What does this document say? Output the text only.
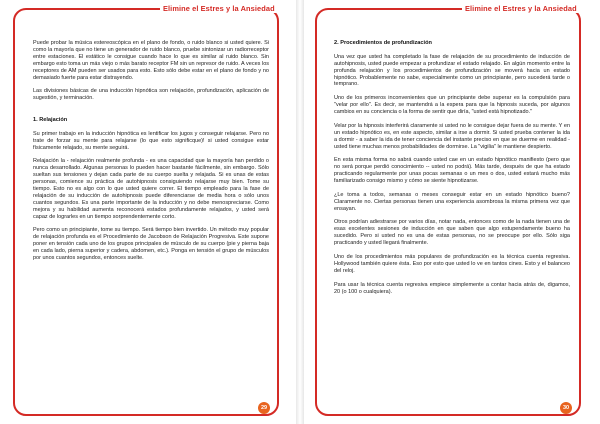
Elimine el Estres y la Ansiedad

Puede probar la música estereoscópica en el plano de fondo, o ruido blanco si usted quiere. Si como la mayoría que no tiene un generador de ruido blanco, pruebe sintonizar un radiorreceptor entre estaciones. El estático le consigue cuando hace lo que es similar al ruido blanco. Sin embargo esto toma un más viejo o más barato receptor FM sin un represor de ruido. A veces los receptores de AM pueden ser usados para esto. Esto sólo debe estar en el plano de fondo y no demasiado fuerte para estar distrayendo.

Las divisiones básicas de una inducción hipnótica son relajación, profundización, aplicación de sugestión, y terminación.

1. Relajación

Su primer trabajo en la inducción hipnótica es lentificar los jugos y conseguir relajarse. Pero no trate de forzar su mente para relajarse (lo que esto significque)! si usted consigue estar físicamente relajado, su mente seguirá.

Relajación la - relajación realmente profunda - es una capacidad que la mayoría han perdido o nunca desarrollado. Algunas personas lo pueden hacer bastante fácilmente, sin embargo. Sólo sueltan sus tensiones y dejan cada parte de su cuerpo suelta y relajada. Si es unas de estas personas, comience su práctica de autohipnosis consiguiendo relajarse muy bien. Tome su tiempo. Esto no es algo con lo que usted quiere correr. El tiempo empleado para la fase de relajación de su inducción de autohipnosis puede diferenciarse de media hora o sólo unos cuantos segundos. Es una parte importante de la inducción y no debe menospreciarse. Como mejora y su habilidad aumenta reconocerá estados profundamente relajados, y usted será capaz de lograrles en un tiempo sorprendentemente corto.

Pero como un principiante, tome su tiempo. Será tiempo bien invertido. Un método muy popular de relajación profunda es el Procedimiento de Jacobson de Relajación Progresiva. Este supone poner en tensión cada uno de los grupos principales de músculo de su cuerpo (pie y pierna baja en cada lado, pierna superior y cadera, abdomen, etc.). Ponga en tensión el grupo de músculos por unos cuantos segundos, entonces suelte.

29
Elimine el Estres y la Ansiedad
2. Procedimientos de profundización

Una vez que usted ha completado la fase de relajación de su procedimiento de inducción de autohipnosis, usted puede empezar a profundizar el estado relajado. En algún momento entre la profunda relajación y los procedimientos de profundización se moverá hacia un estado hipnótico. Probablemente no sabe, especialmente como un principiante, pero sucederá tarde o temprano.

Uno de los primeros inconvenientes que un principiante debe superar es la compulsión para "velar por ello". Es decir, se mantendrá a la espera para que la hipnosis suceda, por algunos cambios en su conciencia o la forma de sentir que diría, "usted está hipnotizado."

Velar por la hipnosis interferirá claramente si usted no le consigue dejar fuera de su mente. Y en un estado hipnótico es, en este aspecto, similar a irse a dormir. Si usted prueba contener la ida a dormir - a saber la ida de tener conciencia del instante preciso en que se duerme en realidad - usted tiene muchas menos probabilidades de dormirse. La "vigilia" le mantiene despierto.

En esta misma forma no sabrá cuando usted cae en un estado hipnótico manifiesto (pero que no será porque perdió conocimiento -- usted no podrá). Más tarde, después de que ha estado practicando regularmente por unas pocas semanas o un mes o dos, usted estará mucho más familiarizado consigo mismo y cómo se siente hipnotizarse.

¿Le toma a todos, semanas o meses conseguir estar en un estado hipnótico bueno? Claramente no. Ciertas personas tienen una experiencia asombrosa la misma primera vez que ensayan.

Otros podrían adiestrarse por varios días, notar nada, entonces como de la nada tienen una de esas excelentes sesiones de inducción en que saben que algo estupendamente bueno ha sucedido. Pero si usted no es una de estas personas, no se preocupe por ello. Sólo siga practicando y usted llegará finalmente.

Uno de los procedimientos más populares de profundización es la técnica cuenta regresiva. Hollywood también quiere ésta. Eso por esto que usted lo ve en tantos cines. Esto y el balanceo del reloj.

Para usar la técnica cuenta regresiva empiece simplemente a contar hacia atrás de, digamos, 20 (o 100 o cualquiera).

30
